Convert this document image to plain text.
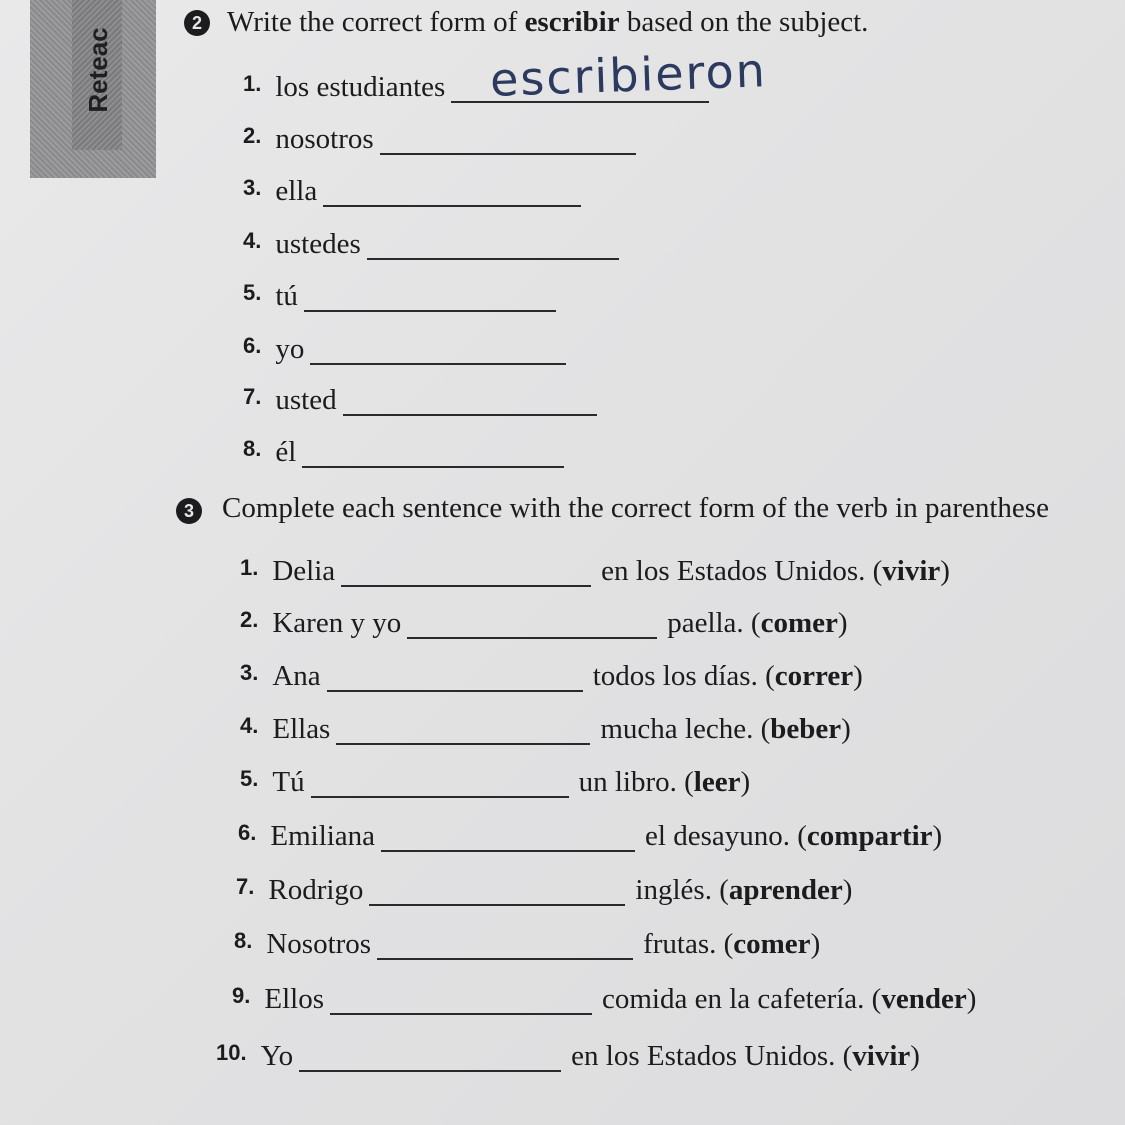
Reteac
2 Write the correct form of escribir based on the subject.
1. los estudiantes escribieron
2. nosotros
3. ella
4. ustedes
5. tú
6. yo
7. usted
8. él
3 Complete each sentence with the correct form of the verb in parenthese
1. Delia	en los Estados Unidos. (vivir)
2. Karen y yo	paella. (comer)
3. Ana	todos los días. (correr)
4. Ellas	mucha leche. (beber)
5. Tú	un libro. (leer)
6. Emiliana	el desayuno. (compartir)
7. Rodrigo	inglés. (aprender)
8. Nosotros	frutas. (comer)
9. Ellos	comida en la cafetería. (vender)
10. Yo	en los Estados Unidos. (vivir)
